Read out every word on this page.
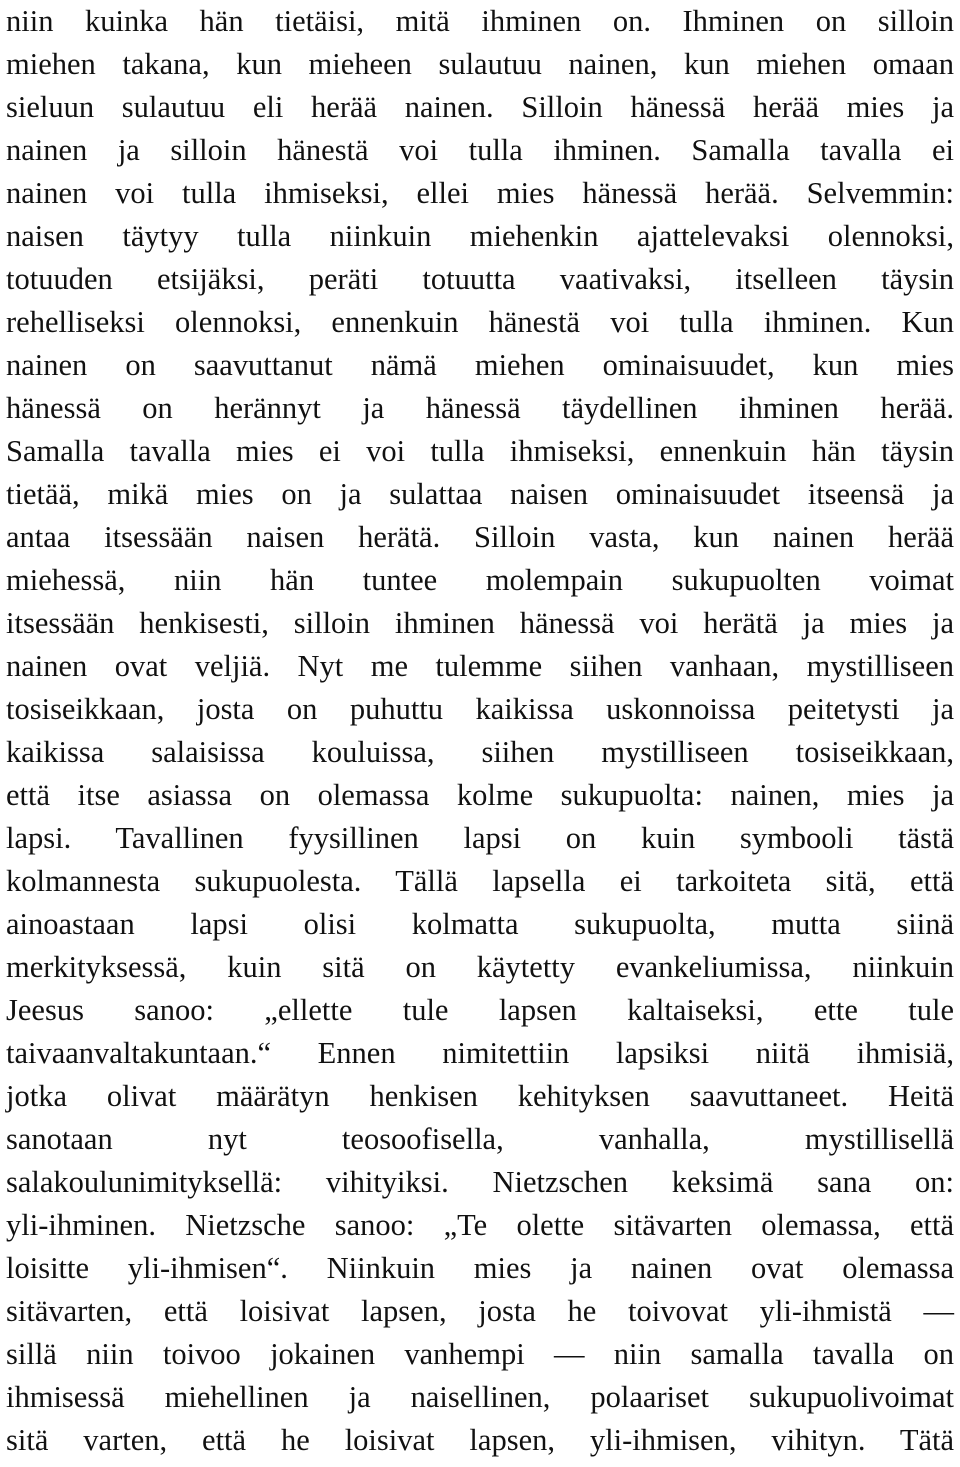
niin kuinka hän tietäisi, mitä ihminen on. Ihminen on silloin
miehen takana, kun mieheen sulautuu nainen, kun miehen omaan
sieluun sulautuu eli herää nainen. Silloin hänessä herää mies ja
nainen ja silloin hänestä voi tulla ihminen. Samalla tavalla ei
nainen voi tulla ihmiseksi, ellei mies hänessä herää. Selvemmin:
naisen täytyy tulla niinkuin miehenkin ajattelevaksi olennoksi,
totuuden etsijäksi, peräti totuutta vaativaksi, itselleen täysin
rehelliseksi olennoksi, ennenkuin hänestä voi tulla ihminen. Kun
nainen on saavuttanut nämä miehen ominaisuudet, kun mies
hänessä on herännyt ja hänessä täydellinen ihminen herää.
Samalla tavalla mies ei voi tulla ihmiseksi, ennenkuin hän täysin
tietää, mikä mies on ja sulattaa naisen ominaisuudet itseensä ja
antaa itsessään naisen herätä. Silloin vasta, kun nainen herää
miehessä, niin hän tuntee molempain sukupuolten voimat
itsessään henkisesti, silloin ihminen hänessä voi herätä ja mies ja
nainen ovat veljiä. Nyt me tulemme siihen vanhaan, mystilliseen
tosiseikkaan, josta on puhuttu kaikissa uskonnoissa peitetysti ja
kaikissa salaisissa kouluissa, siihen mystilliseen tosiseikkaan,
että itse asiassa on olemassa kolme sukupuolta: nainen, mies ja
lapsi. Tavallinen fyysillinen lapsi on kuin symbooli tästä
kolmannesta sukupuolesta. Tällä lapsella ei tarkoiteta sitä, että
ainoastaan lapsi olisi kolmatta sukupuolta, mutta siinä
merkityksessä, kuin sitä on käytetty evankeliumissa, niinkuin
Jeesus sanoo: „ellette tule lapsen kaltaiseksi, ette tule
taivaanvaltakuntaan.“ Ennen nimitettiin lapsiksi niitä ihmisiä,
jotka olivat määrätyn henkisen kehityksen saavuttaneet. Heitä
sanotaan nyt teosoofisella, vanhalla, mystillisellä
salakoulunimityksellä: vihityiksi. Nietzschen keksimä sana on:
yli-ihminen. Nietzsche sanoo: „Te olette sitävarten olemassa, että
loisitte yli-ihmisen“. Niinkuin mies ja nainen ovat olemassa
sitävarten, että loisivat lapsen, josta he toivovat yli-ihmistä —
sillä niin toivoo jokainen vanhempi — niin samalla tavalla on
ihmisessä miehellinen ja naisellinen, polaariset sukupuolivoimat
sitä varten, että he loisivat lapsen, yli-ihmisen, vihityn. Tätä
